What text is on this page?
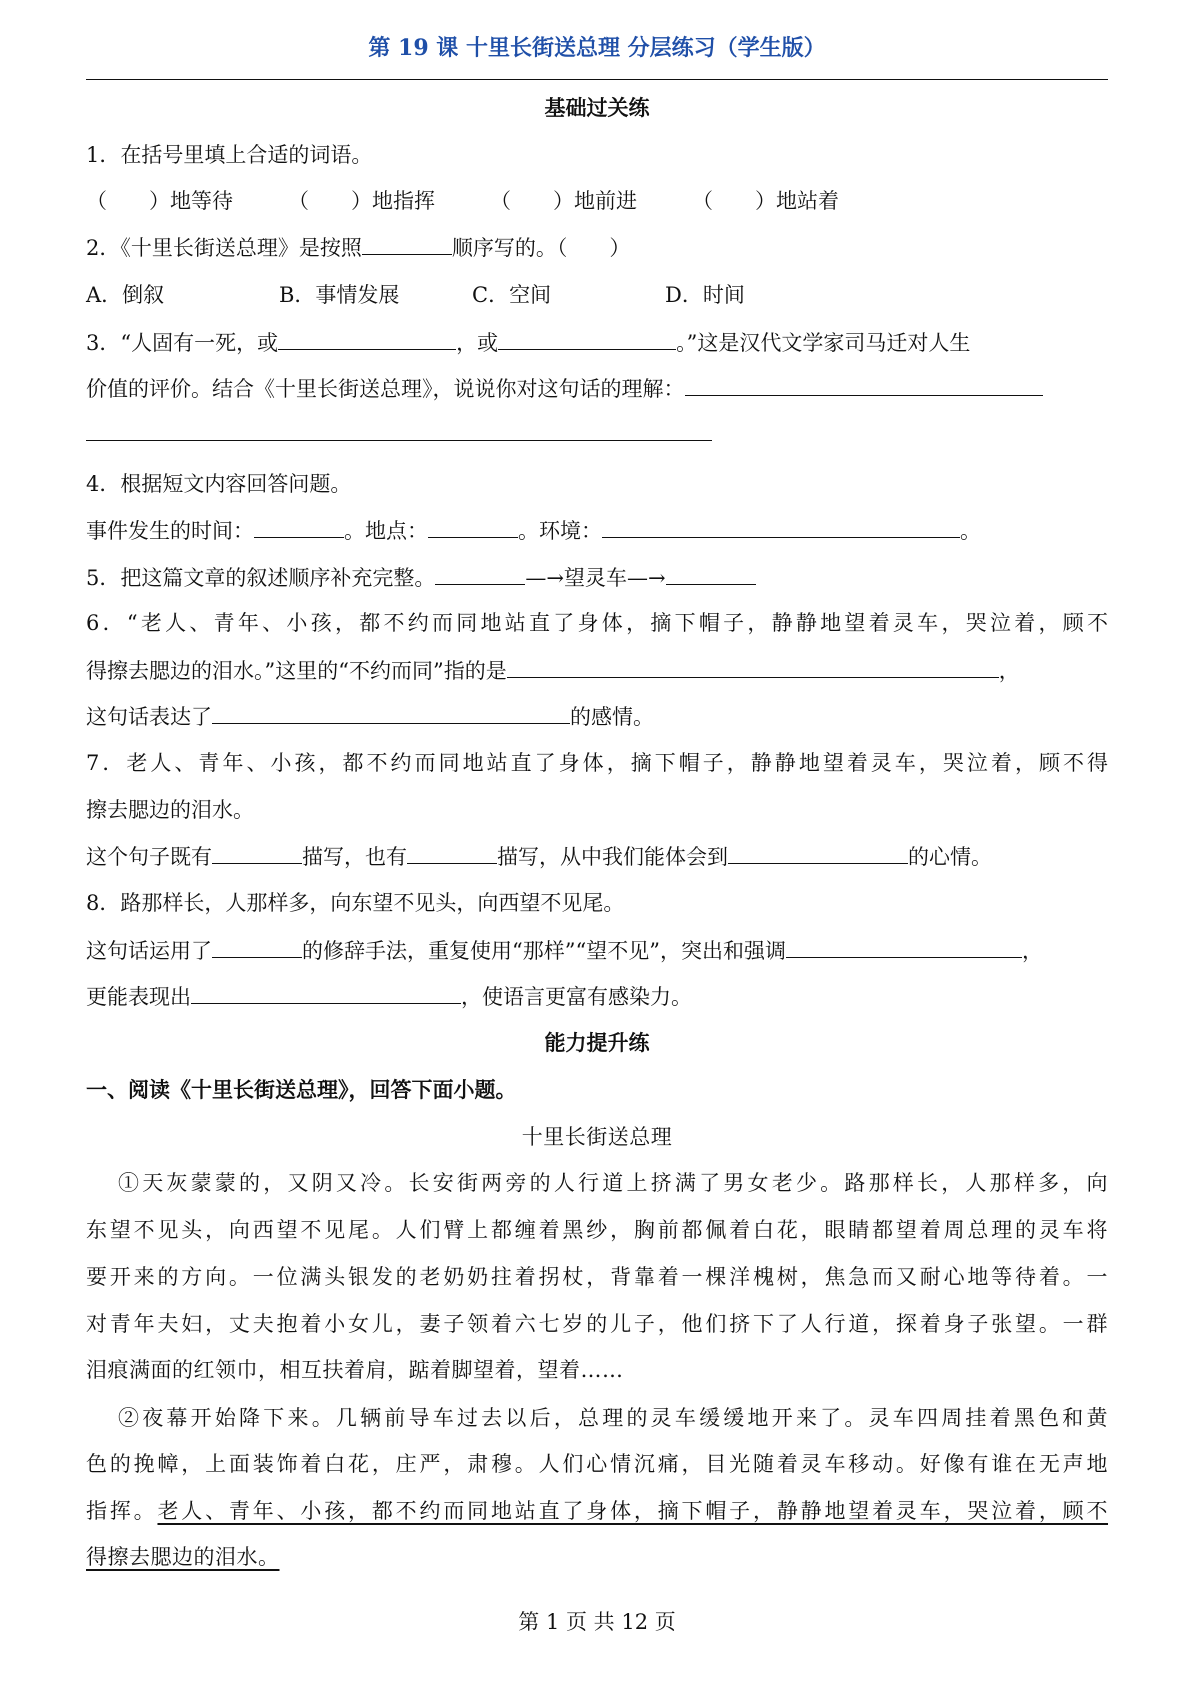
第 19 课 十里长街送总理 分层练习（学生版）
基础过关练
1．在括号里填上合适的词语。
（　　）地等待	（　　）地指挥	（　　）地前进	（　　）地站着
2．《十里长街送总理》是按照	顺序写的。（　　）
A．倒叙	B．事情发展	C．空间	D．时间
3．“人固有一死，或	，或	。”这是汉代文学家司马迁对人生
价值的评价。结合《十里长街送总理》，说说你对这句话的理解：
4．根据短文内容回答问题。
事件发生的时间：	。地点：	。环境：	。
5．把这篇文章的叙述顺序补充完整。	—→望灵车—→
6．“老人、青年、小孩，都不约而同地站直了身体，摘下帽子，静静地望着灵车，哭泣着，顾不
得擦去腮边的泪水。”这里的“不约而同”指的是	，
这句话表达了	的感情。
7．老人、青年、小孩，都不约而同地站直了身体，摘下帽子，静静地望着灵车，哭泣着，顾不得
擦去腮边的泪水。
这个句子既有	描写，也有	描写，从中我们能体会到	的心情。
8．路那样长，人那样多，向东望不见头，向西望不见尾。
这句话运用了	的修辞手法，重复使用“那样”“望不见”，突出和强调	，
更能表现出	，使语言更富有感染力。
能力提升练
一、阅读《十里长街送总理》，回答下面小题。
十里长街送总理
①天灰蒙蒙的，又阴又冷。长安街两旁的人行道上挤满了男女老少。路那样长，人那样多，向
东望不见头，向西望不见尾。人们臂上都缠着黑纱，胸前都佩着白花，眼睛都望着周总理的灵车将
要开来的方向。一位满头银发的老奶奶拄着拐杖，背靠着一棵洋槐树，焦急而又耐心地等待着。一
对青年夫妇，丈夫抱着小女儿，妻子领着六七岁的儿子，他们挤下了人行道，探着身子张望。一群
泪痕满面的红领巾，相互扶着肩，踮着脚望着，望着……
②夜幕开始降下来。几辆前导车过去以后，总理的灵车缓缓地开来了。灵车四周挂着黑色和黄
色的挽幛，上面装饰着白花，庄严，肃穆。人们心情沉痛，目光随着灵车移动。好像有谁在无声地
指挥。老人、青年、小孩，都不约而同地站直了身体，摘下帽子，静静地望着灵车，哭泣着，顾不
得擦去腮边的泪水。
第 1 页 共 12 页
